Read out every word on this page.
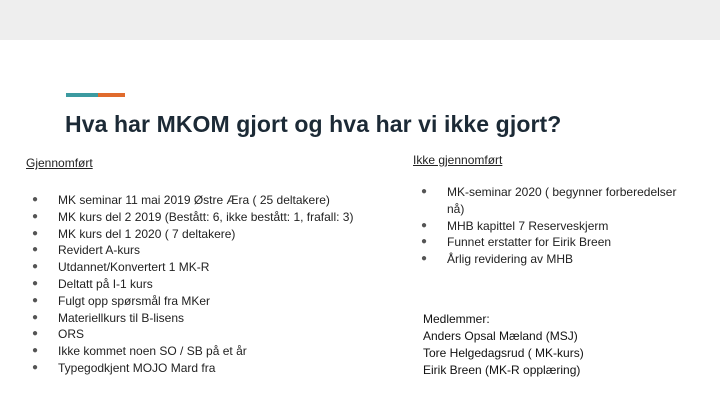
Hva har MKOM gjort og hva har vi ikke gjort?
Gjennomført
● MK seminar 11 mai 2019 Østre Æra ( 25 deltakere)
● MK kurs del 2 2019 (Bestått: 6, ikke bestått: 1, frafall: 3)
● MK kurs del 1 2020 ( 7 deltakere)
● Revidert A-kurs
● Utdannet/Konvertert 1 MK-R
● Deltatt på I-1 kurs
● Fulgt opp spørsmål fra MKer
● Materiellkurs til B-lisens
● ORS
● Ikke kommet noen SO / SB på et år
● Typegodkjent MOJO Mard fra
Ikke gjennomført
● MK-seminar 2020 ( begynner forberedelser nå)
● MHB kapittel 7 Reserveskjerm
● Funnet erstatter for Eirik Breen
● Årlig revidering av MHB
Medlemmer:
Anders Opsal Mæland (MSJ)
Tore Helgedagsrud ( MK-kurs)
Eirik Breen (MK-R opplæring)
